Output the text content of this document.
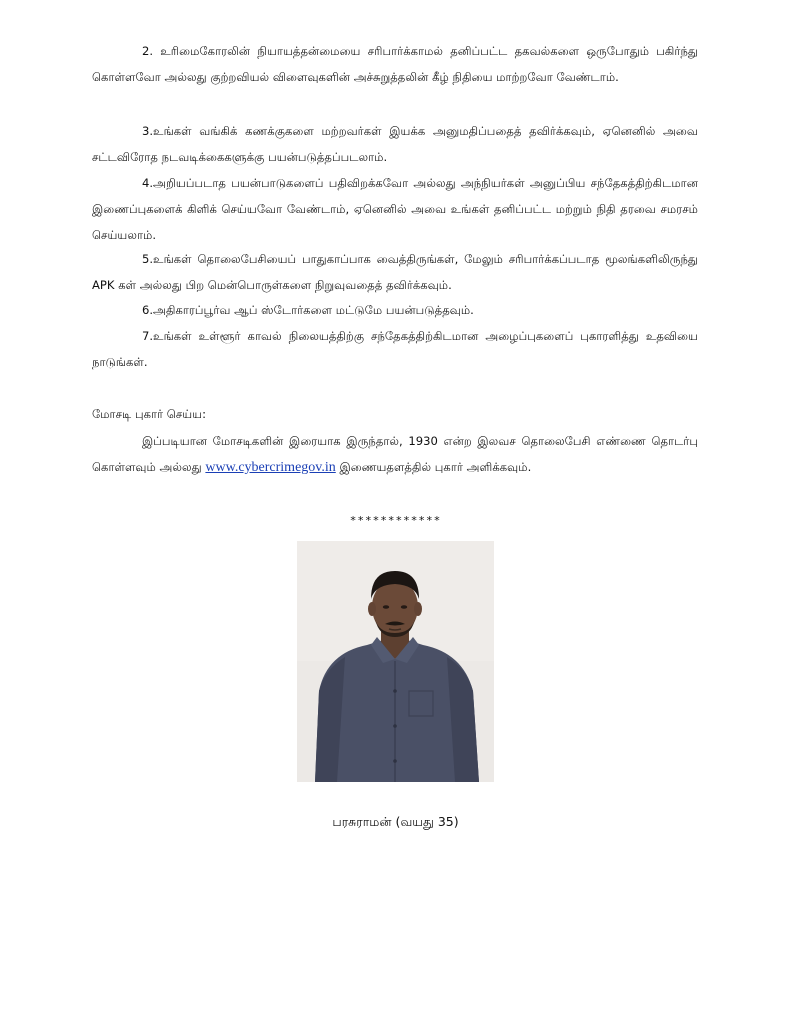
2. உரிமைகோரலின் நியாயத்தன்மையை சரிபார்க்காமல் தனிப்பட்ட தகவல்களை ஒருபோதும் பகிர்ந்து கொள்ளவோ அல்லது குற்றவியல் விளைவுகளின் அச்சுறுத்தலின் கீழ் நிதியை மாற்றவோ வேண்டாம்.

3.உங்கள் வங்கிக் கணக்குகளை மற்றவர்கள் இயக்க அனுமதிப்பதைத் தவிர்க்கவும், ஏனெனில் அவை சட்டவிரோத நடவடிக்கைகளுக்கு பயன்படுத்தப்படலாம்.

4.அறியப்படாத பயன்பாடுகளைப் பதிவிறக்கவோ அல்லது அந்நியர்கள் அனுப்பிய சந்தேகத்திற்கிடமான இணைப்புகளைக் கிளிக் செய்யவோ வேண்டாம், ஏனெனில் அவை உங்கள் தனிப்பட்ட மற்றும் நிதி தரவை சமரசம் செய்யலாம்.

5.உங்கள் தொலைபேசியைப் பாதுகாப்பாக வைத்திருங்கள், மேலும் சரிபார்க்கப்படாத மூலங்களிலிருந்து APK கள் அல்லது பிற மென்பொருள்களை நிறுவுவதைத் தவிர்க்கவும்.

6.அதிகாரப்பூர்வ ஆப் ஸ்டோர்களை மட்டுமே பயன்படுத்தவும்.

7.உங்கள் உள்ளூர் காவல் நிலையத்திற்கு சந்தேகத்திற்கிடமான அழைப்புகளைப் புகாரளித்து உதவியை நாடுங்கள்.

மோசடி புகார் செய்ய:

இப்படியான மோசடிகளின் இரையாக இருந்தால், 1930 என்ற இலவச தொலைபேசி எண்ணை தொடர்பு கொள்ளவும் அல்லது www.cybercrimegov.in இணையதளத்தில் புகார் அளிக்கவும்.

************
பரசுராமன் (வயது 35)
